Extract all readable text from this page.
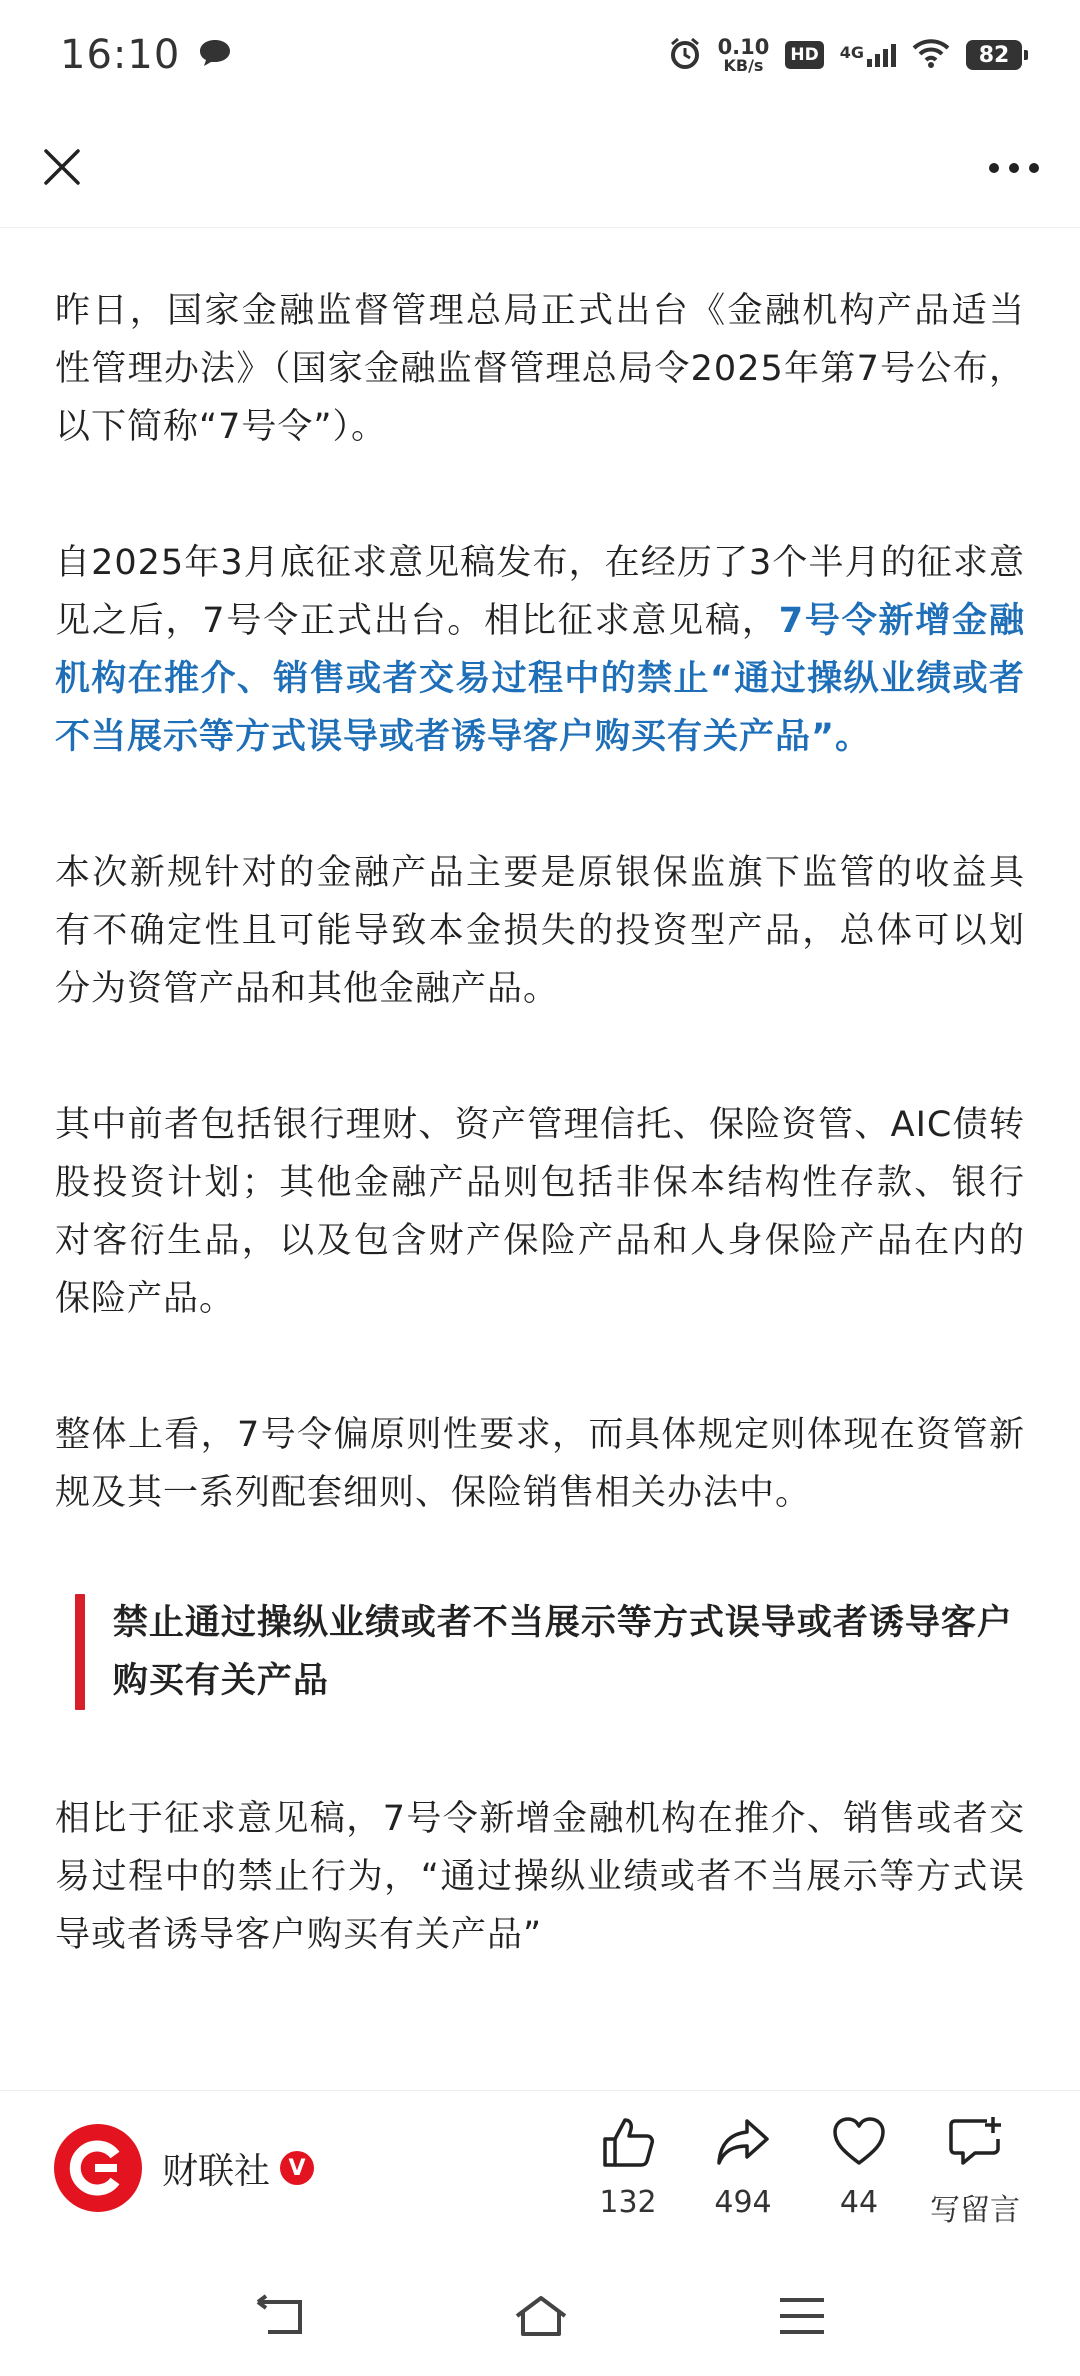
16:10	0.10
KB/s HD	4G	82

昨日，国家金融监督管理总局正式出台《金融机构产品适当性管理办法》（国家金融监督管理总局令2025年第7号公布，以下简称“7号令”）。

自2025年3月底征求意见稿发布，在经历了3个半月的征求意见之后，7号令正式出台。相比征求意见稿，7号令新增金融机构在推介、销售或者交易过程中的禁止“通过操纵业绩或者不当展示等方式误导或者诱导客户购买有关产品”。

本次新规针对的金融产品主要是原银保监旗下监管的收益具有不确定性且可能导致本金损失的投资型产品，总体可以划分为资管产品和其他金融产品。

其中前者包括银行理财、资产管理信托、保险资管、AIC债转股投资计划；其他金融产品则包括非保本结构性存款、银行对客衍生品，以及包含财产保险产品和人身保险产品在内的保险产品。

整体上看，7号令偏原则性要求，而具体规定则体现在资管新规及其一系列配套细则、保险销售相关办法中。

禁止通过操纵业绩或者不当展示等方式误导或者诱导客户购买有关产品

相比于征求意见稿，7号令新增金融机构在推介、销售或者交易过程中的禁止行为，“通过操纵业绩或者不当展示等方式误导或者诱导客户购买有关产品”

财联社 V
132 494 44 写留言
